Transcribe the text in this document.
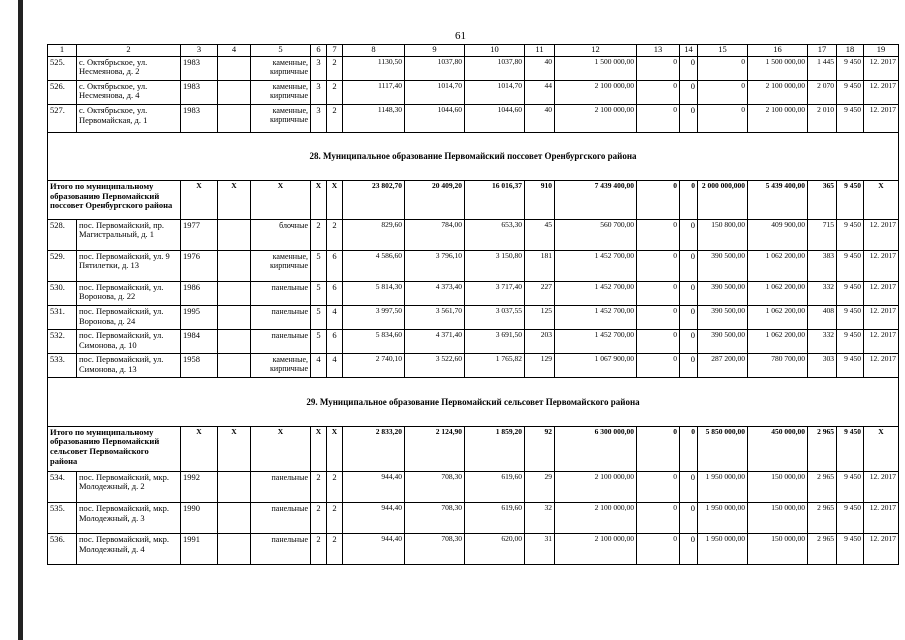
61
1	2	3	4	5	6	7	8	9	10	11	12	13	14	15	16	17	18	19
525.	с. Октябрьское, ул. Несмеянова, д. 2	1983		каменные, кирпичные	3	2	1130,50	1037,80	1037,80	40	1 500 000,00	0	0	0	1 500 000,00	1 445	9 450	12. 2017
526.	с. Октябрьское, ул. Несмеянова, д. 4	1983		каменные, кирпичные	3	2	1117,40	1014,70	1014,70	44	2 100 000,00	0	0	0	2 100 000,00	2 070	9 450	12. 2017
527.	с. Октябрьское, ул. Первомайская, д. 1	1983		каменные, кирпичные	3	2	1148,30	1044,60	1044,60	40	2 100 000,00	0	0	0	2 100 000,00	2 010	9 450	12. 2017
28. Муниципальное образование Первомайский поссовет Оренбургского района																		
Итого по муниципальному образованию Первомайский поссовет Оренбургского района		X	X	X	X	X	23 802,70	20 409,20	16 016,37	910	7 439 400,00	0	0	2 000 000,000	5 439 400,00	365	9 450	X
528.	пос. Первомайский, пр. Магистральный, д. 1	1977		блочные	2	2	829,60	784,00	653,30	45	560 700,00	0	0	150 800,00	409 900,00	715	9 450	12. 2017
529.	пос. Первомайский, ул. 9 Пятилетки, д. 13	1976		каменные, кирпичные	5	6	4 586,60	3 796,10	3 150,80	181	1 452 700,00	0	0	390 500,00	1 062 200,00	383	9 450	12. 2017
530.	пос. Первомайский, ул. Воронова, д. 22	1986		панельные	5	6	5 814,30	4 373,40	3 717,40	227	1 452 700,00	0	0	390 500,00	1 062 200,00	332	9 450	12. 2017
531.	пос. Первомайский, ул. Воронова, д. 24	1995		панельные	5	4	3 997,50	3 561,70	3 037,55	125	1 452 700,00	0	0	390 500,00	1 062 200,00	408	9 450	12. 2017
532.	пос. Первомайский, ул. Симонова, д. 10	1984		панельные	5	6	5 834,60	4 371,40	3 691,50	203	1 452 700,00	0	0	390 500,00	1 062 200,00	332	9 450	12. 2017
533.	пос. Первомайский, ул. Симонова, д. 13	1958		каменные, кирпичные	4	4	2 740,10	3 522,60	1 765,82	129	1 067 900,00	0	0	287 200,00	780 700,00	303	9 450	12. 2017
29. Муниципальное образование Первомайский сельсовет Первомайского района																		
Итого по муниципальному образованию Первомайский сельсовет Первомайского района		X	X	X	X	X	2 833,20	2 124,90	1 859,20	92	6 300 000,00	0	0	5 850 000,00	450 000,00	2 965	9 450	X
534.	пос. Первомайский, мкр. Молодежный, д. 2	1992		панельные	2	2	944,40	708,30	619,60	29	2 100 000,00	0	0	1 950 000,00	150 000,00	2 965	9 450	12. 2017
535.	пос. Первомайский, мкр. Молодежный, д. 3	1990		панельные	2	2	944,40	708,30	619,60	32	2 100 000,00	0	0	1 950 000,00	150 000,00	2 965	9 450	12. 2017
536.	пос. Первомайский, мкр. Молодежный, д. 4	1991		панельные	2	2	944,40	708,30	620,00	31	2 100 000,00	0	0	1 950 000,00	150 000,00	2 965	9 450	12. 2017
